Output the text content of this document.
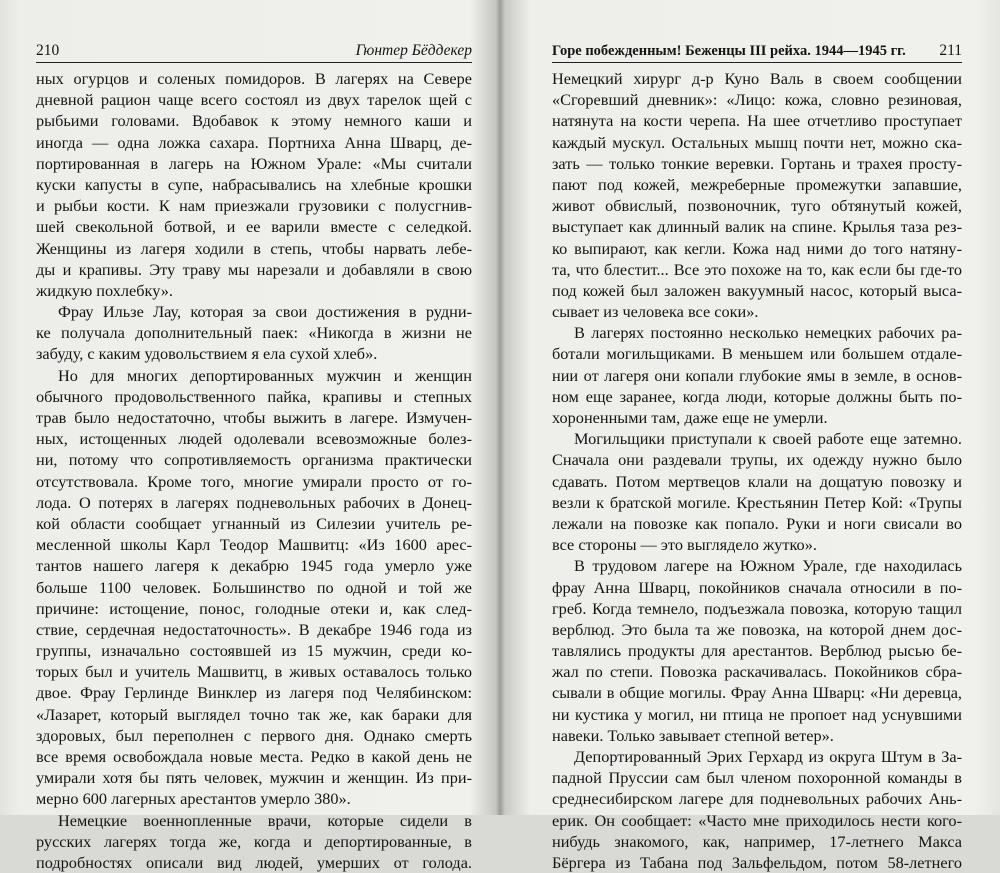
210	Гюнтер Бёддекер	Горе побежденным! Беженцы III рейха. 1944—1945 гг. 211
ных огурцов и соленых помидоров. В лагерях на Севере
дневной рацион чаще всего состоял из двух тарелок щей с
рыбьими головами. Вдобавок к этому немного каши и
иногда — одна ложка сахара. Портниха Анна Шварц, де-
портированная в лагерь на Южном Урале: «Мы считали
куски капусты в супе, набрасывались на хлебные крошки
и рыбьи кости. К нам приезжали грузовики с полусгнив-
шей свекольной ботвой, и ее варили вместе с селедкой.
Женщины из лагеря ходили в степь, чтобы нарвать лебе-
ды и крапивы. Эту траву мы нарезали и добавляли в свою
жидкую похлебку».
Фрау Ильзе Лау, которая за свои достижения в рудни-
ке получала дополнительный паек: «Никогда в жизни не
забуду, с каким удовольствием я ела сухой хлеб».
Но для многих депортированных мужчин и женщин
обычного продовольственного пайка, крапивы и степных
трав было недостаточно, чтобы выжить в лагере. Измучен-
ных, истощенных людей одолевали всевозможные болез-
ни, потому что сопротивляемость организма практически
отсутствовала. Кроме того, многие умирали просто от го-
лода. О потерях в лагерях подневольных рабочих в Донец-
кой области сообщает угнанный из Силезии учитель ре-
месленной школы Карл Теодор Машвитц: «Из 1600 арес-
тантов нашего лагеря к декабрю 1945 года умерло уже
больше 1100 человек. Большинство по одной и той же
причине: истощение, понос, голодные отеки и, как след-
ствие, сердечная недостаточность». В декабре 1946 года из
группы, изначально состоявшей из 15 мужчин, среди ко-
торых был и учитель Машвитц, в живых оставалось только
двое. Фрау Герлинде Винклер из лагеря под Челябинском:
«Лазарет, который выглядел точно так же, как бараки для
здоровых, был переполнен с первого дня. Однако смерть
все время освобождала новые места. Редко в какой день не
умирали хотя бы пять человек, мужчин и женщин. Из при-
мерно 600 лагерных арестантов умерло 380».
Немецкие военнопленные врачи, которые сидели в
русских лагерях тогда же, когда и депортированные, в
подробностях описали вид людей, умерших от голода.
Немецкий хирург д-р Куно Валь в своем сообщении
«Сгоревший дневник»: «Лицо: кожа, словно резиновая,
натянута на кости черепа. На шее отчетливо проступает
каждый мускул. Остальных мышц почти нет, можно ска-
зать — только тонкие веревки. Гортань и трахея просту-
пают под кожей, межреберные промежутки запавшие,
живот обвислый, позвоночник, туго обтянутый кожей,
выступает как длинный валик на спине. Крылья таза рез-
ко выпирают, как кегли. Кожа над ними до того натяну-
та, что блестит... Все это похоже на то, как если бы где-то
под кожей был заложен вакуумный насос, который выса-
сывает из человека все соки».
В лагерях постоянно несколько немецких рабочих ра-
ботали могильщиками. В меньшем или большем отдале-
нии от лагеря они копали глубокие ямы в земле, в основ-
ном еще заранее, когда люди, которые должны быть по-
хороненными там, даже еще не умерли.
Могильщики приступали к своей работе еще затемно.
Сначала они раздевали трупы, их одежду нужно было
сдавать. Потом мертвецов клали на дощатую повозку и
везли к братской могиле. Крестьянин Петер Кой: «Трупы
лежали на повозке как попало. Руки и ноги свисали во
все стороны — это выглядело жутко».
В трудовом лагере на Южном Урале, где находилась
фрау Анна Шварц, покойников сначала относили в по-
греб. Когда темнело, подъезжала повозка, которую тащил
верблюд. Это была та же повозка, на которой днем дос-
тавлялись продукты для арестантов. Верблюд рысью бе-
жал по степи. Повозка раскачивалась. Покойников сбра-
сывали в общие могилы. Фрау Анна Шварц: «Ни деревца,
ни кустика у могил, ни птица не пропоет над уснувшими
навеки. Только завывает степной ветер».
Депортированный Эрих Герхард из округа Штум в За-
падной Пруссии сам был членом похоронной команды в
среднесибирском лагере для подневольных рабочих Ань-
ерик. Он сообщает: «Часто мне приходилось нести кого-
нибудь знакомого, как, например, 17-летнего Макса
Бёргера из Табана под Зальфельдом, потом 58-летнего
